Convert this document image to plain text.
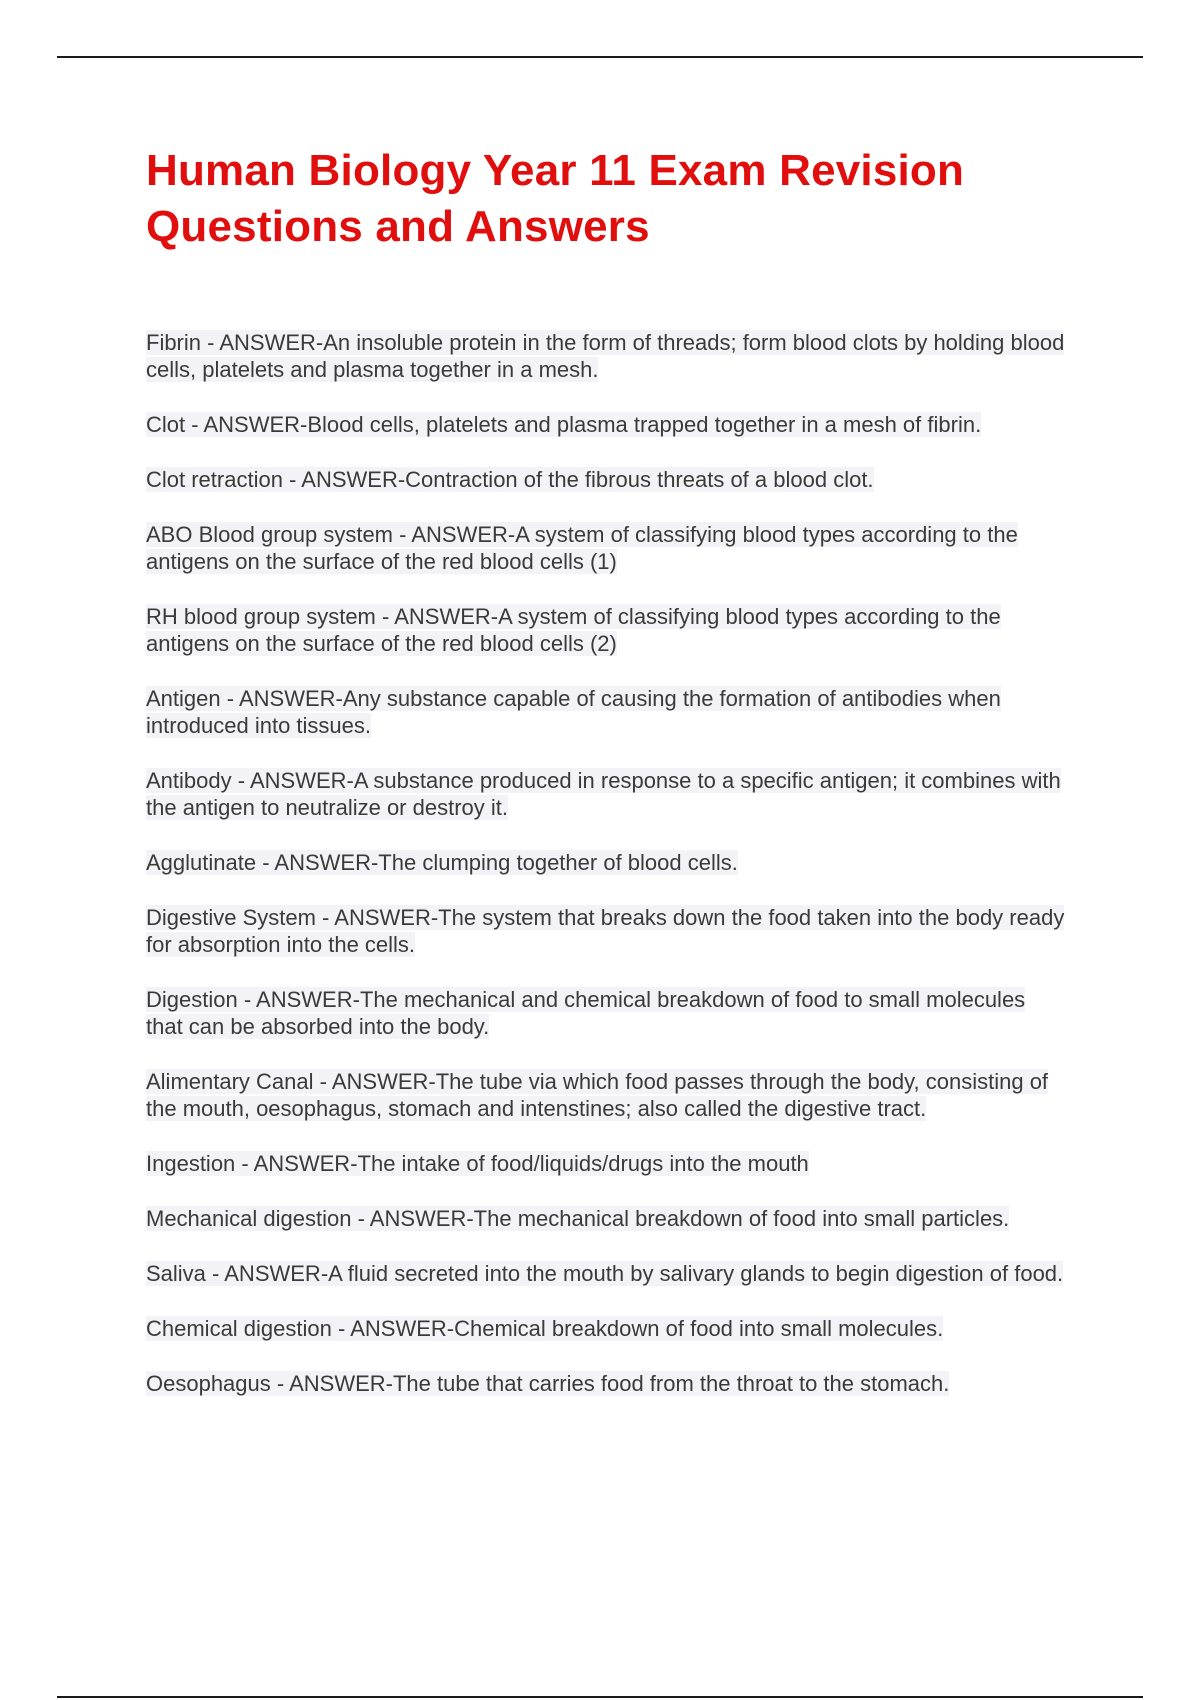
Human Biology Year 11 Exam Revision Questions and Answers

Fibrin - ANSWER-An insoluble protein in the form of threads; form blood clots by holding blood cells, platelets and plasma together in a mesh.

Clot - ANSWER-Blood cells, platelets and plasma trapped together in a mesh of fibrin.

Clot retraction - ANSWER-Contraction of the fibrous threats of a blood clot.

ABO Blood group system - ANSWER-A system of classifying blood types according to the antigens on the surface of the red blood cells (1)

RH blood group system - ANSWER-A system of classifying blood types according to the antigens on the surface of the red blood cells (2)

Antigen - ANSWER-Any substance capable of causing the formation of antibodies when introduced into tissues.

Antibody - ANSWER-A substance produced in response to a specific antigen; it combines with the antigen to neutralize or destroy it.

Agglutinate - ANSWER-The clumping together of blood cells.

Digestive System - ANSWER-The system that breaks down the food taken into the body ready for absorption into the cells.

Digestion - ANSWER-The mechanical and chemical breakdown of food to small molecules that can be absorbed into the body.

Alimentary Canal - ANSWER-The tube via which food passes through the body, consisting of the mouth, oesophagus, stomach and intenstines; also called the digestive tract.

Ingestion - ANSWER-The intake of food/liquids/drugs into the mouth

Mechanical digestion - ANSWER-The mechanical breakdown of food into small particles.

Saliva - ANSWER-A fluid secreted into the mouth by salivary glands to begin digestion of food.

Chemical digestion - ANSWER-Chemical breakdown of food into small molecules.

Oesophagus - ANSWER-The tube that carries food from the throat to the stomach.
